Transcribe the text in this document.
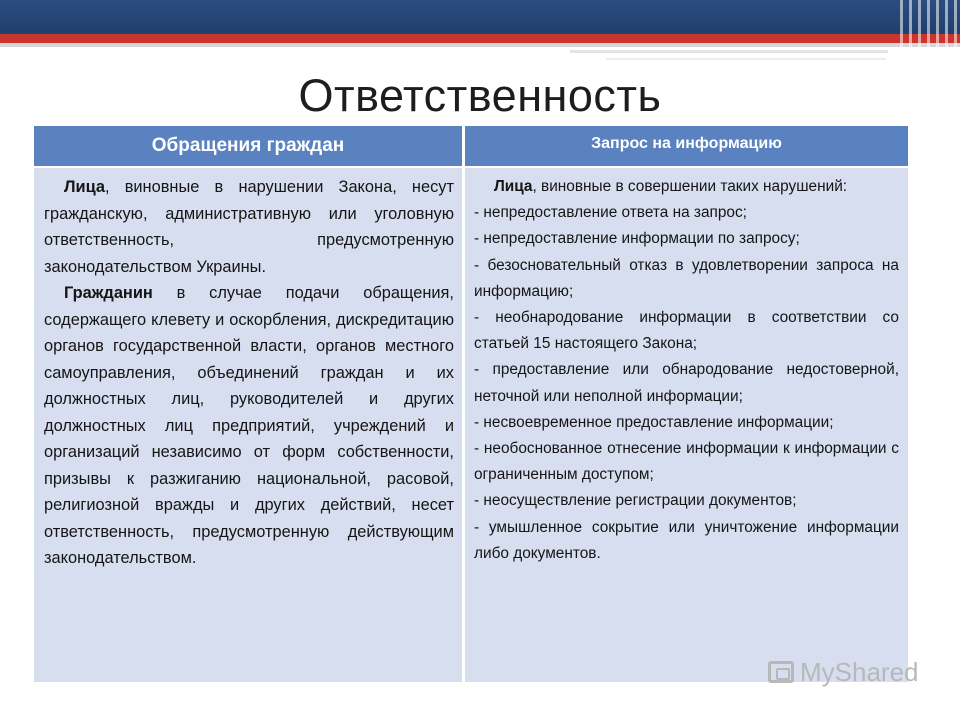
Ответственность
Обращения граждан	Запрос на информацию

Лица, виновные в нарушении Закона, несут гражданскую, административную или уголовную ответственность, предусмотренную законодательством Украины.

Гражданин в случае подачи обращения, содержащего клевету и оскорбления, дискредитацию органов государственной власти, органов местного самоуправления, объединений граждан и их должностных лиц, руководителей и других должностных лиц предприятий, учреждений и организаций независимо от форм собственности, призывы к разжиганию национальной, расовой, религиозной вражды и других действий, несет ответственность, предусмотренную действующим законодательством.

Лица, виновные в совершении таких нарушений:

- непредоставление ответа на запрос;

- непредоставление информации по запросу;

- безосновательный отказ в удовлетворении запроса на информацию;

- необнародование информации в соответствии со статьей 15 настоящего Закона;

- предоставление или обнародование недостоверной, неточной или неполной информации;

- несвоевременное предоставление информации;

- необоснованное отнесение информации к информации с ограниченным доступом;

- неосуществление регистрации документов;

- умышленное сокрытие или уничтожение информации либо документов.

MyShared
